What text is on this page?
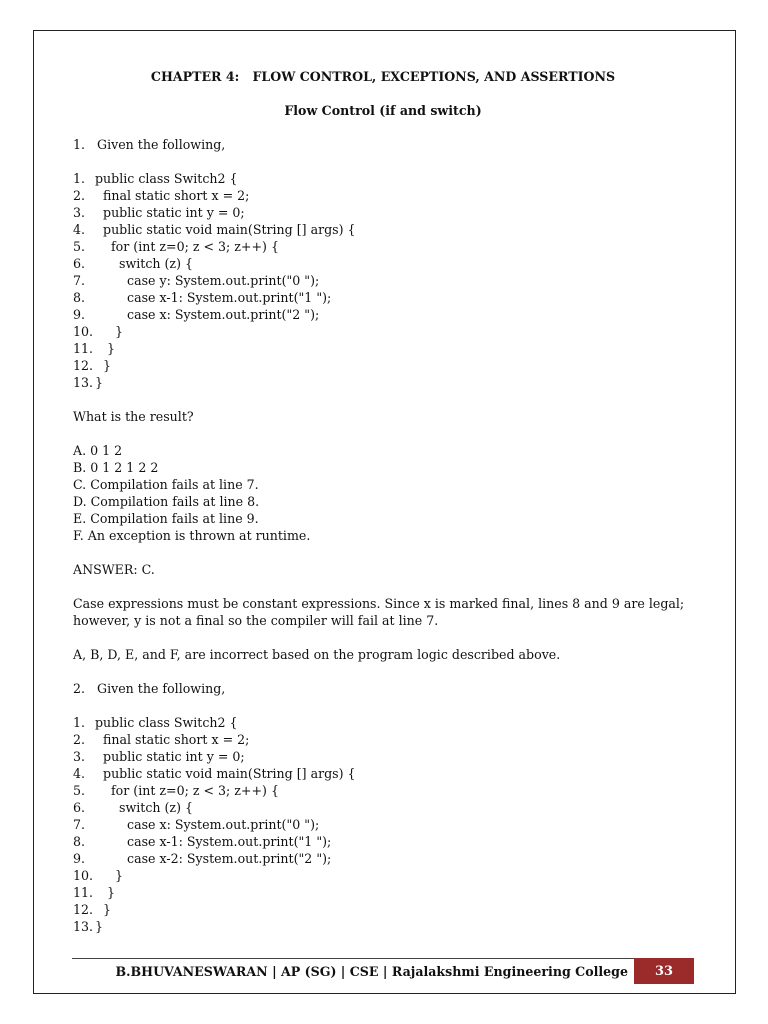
CHAPTER 4:   FLOW CONTROL, EXCEPTIONS, AND ASSERTIONS
Flow Control (if and switch)
1.   Given the following,
1. public class Switch2 {
2. final static short x = 2;
3. public static int y = 0;
4. public static void main(String [] args) {
5. for (int z=0; z < 3; z++) {
6. switch (z) {
7. case y: System.out.print("0 ");
8. case x-1: System.out.print("1 ");
9. case x: System.out.print("2 ");
10. }
11. }
12. }
13. }
What is the result?
A. 0 1 2
B. 0 1 2 1 2 2
C. Compilation fails at line 7.
D. Compilation fails at line 8.
E. Compilation fails at line 9.
F. An exception is thrown at runtime.
ANSWER: C.
Case expressions must be constant expressions. Since x is marked final, lines 8 and 9 are legal; however, y is not a final so the compiler will fail at line 7.
A, B, D, E, and F, are incorrect based on the program logic described above.
2.   Given the following,
1. public class Switch2 {
2. final static short x = 2;
3. public static int y = 0;
4. public static void main(String [] args) {
5. for (int z=0; z < 3; z++) {
6. switch (z) {
7. case x: System.out.print("0 ");
8. case x-1: System.out.print("1 ");
9. case x-2: System.out.print("2 ");
10. }
11. }
12. }
13. }
B.BHUVANESWARAN | AP (SG) | CSE | Rajalakshmi Engineering College	33
